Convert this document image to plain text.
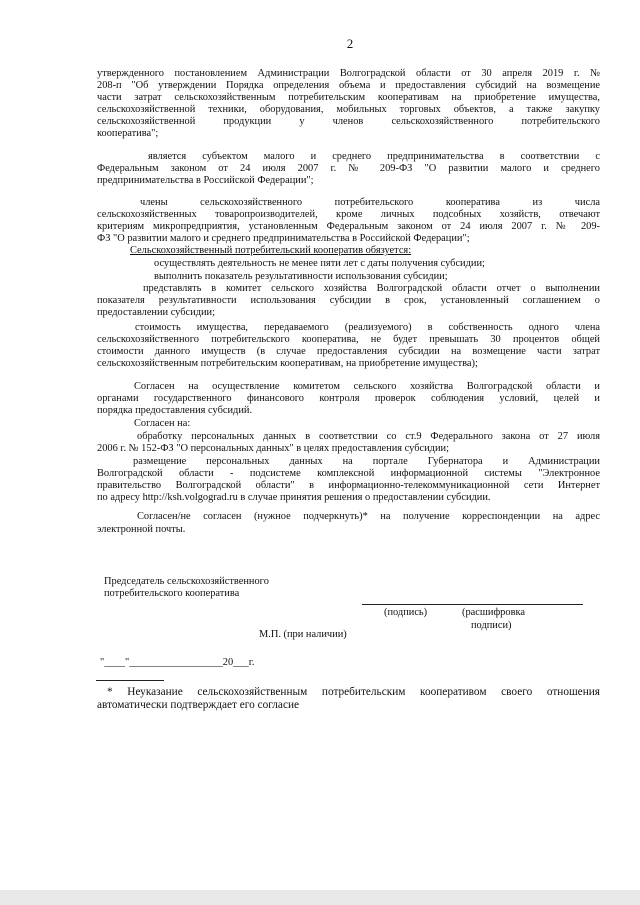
2
утвержденного постановлением Администрации Волгоградской области от 30 апреля 2019 г. №
208-п "Об утверждении Порядка определения объема и предоставления субсидий на возмещение
части затрат сельскохозяйственным потребительским кооперативам на приобретение имущества,
сельскохозяйственной техники, оборудования, мобильных торговых объектов, а также закупку
сельскохозяйственной продукции у членов сельскохозяйственного потребительского
кооператива";
является субъектом малого и среднего предпринимательства в соответствии с
Федеральным законом от 24 июля 2007 г. № 209-ФЗ "О развитии малого и среднего
предпринимательства в Российской Федерации";
члены сельскохозяйственного потребительского кооператива из числа
сельскохозяйственных товаропроизводителей, кроме личных подсобных хозяйств, отвечают
критериям микропредприятия, установленным Федеральным законом от 24 июля 2007 г. № 209-
ФЗ "О развитии малого и среднего предпринимательства в Российской Федерации";
Сельскохозяйственный потребительский кооператив обязуется:
осуществлять деятельность не менее пяти лет с даты получения субсидии;
выполнить показатель результативности использования субсидии;
представлять в комитет сельского хозяйства Волгоградской области отчет о выполнении
показателя результативности использования субсидии в срок, установленный соглашением о
предоставлении субсидии;
стоимость имущества, передаваемого (реализуемого) в собственность одного члена
сельскохозяйственного потребительского кооператива, не будет превышать 30 процентов общей
стоимости данного имуществ (в случае предоставления субсидии на возмещение части затрат
сельскохозяйственным потребительским кооперативам, на приобретение имущества);
Согласен на осуществление комитетом сельского хозяйства Волгоградской области и
органами государственного финансового контроля проверок соблюдения условий, целей и
порядка предоставления субсидий.
Согласен на:
обработку персональных данных в соответствии со ст.9 Федерального закона от 27 июля
2006 г. № 152-ФЗ "О персональных данных" в целях предоставления субсидии;
размещение персональных данных на портале Губернатора и Администрации
Волгоградской области - подсистеме комплексной информационной системы "Электронное
правительство Волгоградской области" в информационно-телекоммуникационной сети Интернет
по адресу http://ksh.volgograd.ru в случае принятия решения о предоставлении субсидии.
Согласен/не согласен (нужное подчеркнуть)* на получение корреспонденции на адрес
электронной почты.
Председатель сельскохозяйственного
потребительского кооператива
(подпись)	(расшифровка
подписи)
М.П. (при наличии)
"____"__________________20___г.
* Неуказание сельскохозяйственным потребительским кооперативом своего отношения
автоматически подтверждает его согласие
